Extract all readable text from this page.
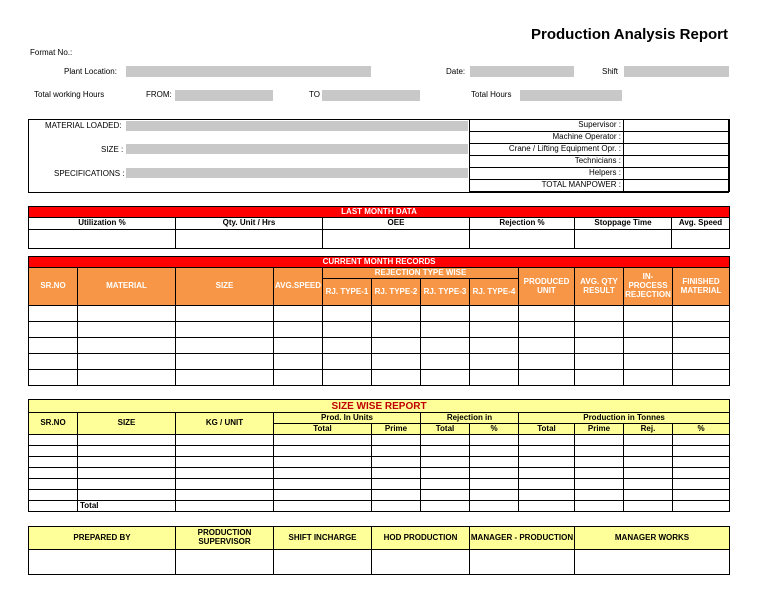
Production Analysis Report
Format No.:
Plant Location:	Date:	Shift
Total working Hours	FROM:	TO	Total Hours
MATERIAL LOADED:
SIZE :
SPECIFICATIONS :
Supervisor :	
Machine Operator :	
Crane / Lifting Equipment Opr. :	
Technicians :	
Helpers :	
TOTAL MANPOWER :	
LAST MONTH DATA					
Utilization %	Qty. Unit / Hrs	OEE	Rejection %	Stoppage Time	Avg. Speed

CURRENT MONTH RECORDS											
SR.NO	MATERIAL	SIZE	AVG.SPEED	REJECTION TYPE WISE				PRODUCED UNIT	AVG. QTY RESULT	IN-PROCESS REJECTION	FINISHED MATERIAL
				RJ. TYPE-1	RJ. TYPE-2	RJ. TYPE-3	RJ. TYPE-4				

SIZE WISE REPORT										
SR.NO	SIZE	KG / UNIT	Prod. In Units		Rejection in		Production in Tonnes			
			Total	Prime	Total	%	Total	Prime	Rej.	%

	Total									
PREPARED BY	PRODUCTION SUPERVISOR	SHIFT INCHARGE	HOD PRODUCTION	MANAGER - PRODUCTION	MANAGER WORKS
